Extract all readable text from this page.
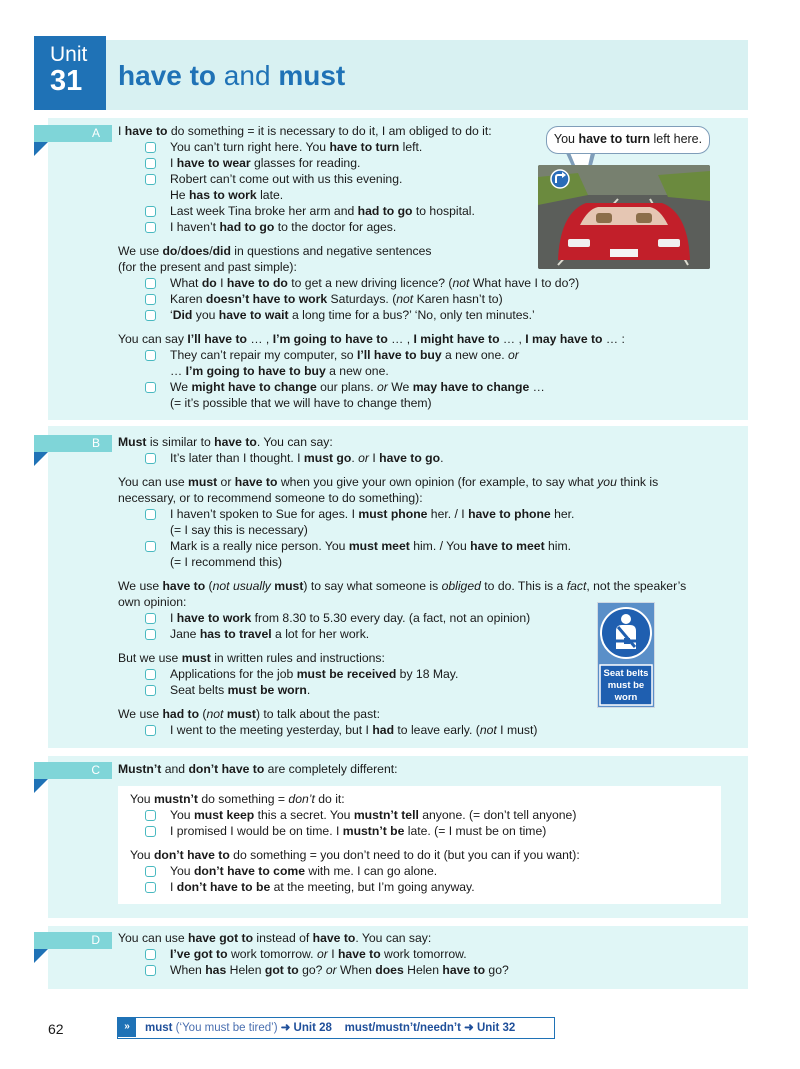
Unit
31	have to and must
A
B
C
D
I have to do something = it is necessary to do it, I am obliged to do it:
You can’t turn right here. You have to turn left.
I have to wear glasses for reading.
Robert can’t come out with us this evening.
He has to work late.
Last week Tina broke her arm and had to go to hospital.
I haven’t had to go to the doctor for ages.
We use do/does/did in questions and negative sentences
(for the present and past simple):
What do I have to do to get a new driving licence? (not What have I to do?)
Karen doesn’t have to work Saturdays. (not Karen hasn’t to)
‘Did you have to wait a long time for a bus?’ ‘No, only ten minutes.’
You can say I’ll have to … , I’m going to have to … , I might have to … , I may have to … :
They can’t repair my computer, so I’ll have to buy a new one. or
… I’m going to have to buy a new one.
We might have to change our plans. or We may have to change …
(= it’s possible that we will have to change them)
You have to turn left here.
Must is similar to have to. You can say:
It’s later than I thought. I must go. or I have to go.
You can use must or have to when you give your own opinion (for example, to say what you think is
necessary, or to recommend someone to do something):
I haven’t spoken to Sue for ages. I must phone her. / I have to phone her.
(= I say this is necessary)
Mark is a really nice person. You must meet him. / You have to meet him.
(= I recommend this)
We use have to (not usually must) to say what someone is obliged to do. This is a fact, not the speaker’s
own opinion:
I have to work from 8.30 to 5.30 every day. (a fact, not an opinion)
Jane has to travel a lot for her work.
But we use must in written rules and instructions:
Applications for the job must be received by 18 May.
Seat belts must be worn.
We use had to (not must) to talk about the past:
I went to the meeting yesterday, but I had to leave early. (not I must)
Seat belts
must be
worn
Mustn’t and don’t have to are completely different:
You mustn’t do something = don’t do it:
You must keep this a secret. You mustn’t tell anyone. (= don’t tell anyone)
I promised I would be on time. I mustn’t be late. (= I must be on time)
You don’t have to do something = you don’t need to do it (but you can if you want):
You don’t have to come with me. I can go alone.
I don’t have to be at the meeting, but I’m going anyway.
You can use have got to instead of have to. You can say:
I’ve got to work tomorrow. or I have to work tomorrow.
When has Helen got to go? or When does Helen have to go?
62	»	must (‘You must be tired’) ➜ Unit 28 must/mustn’t/needn’t ➜ Unit 32
